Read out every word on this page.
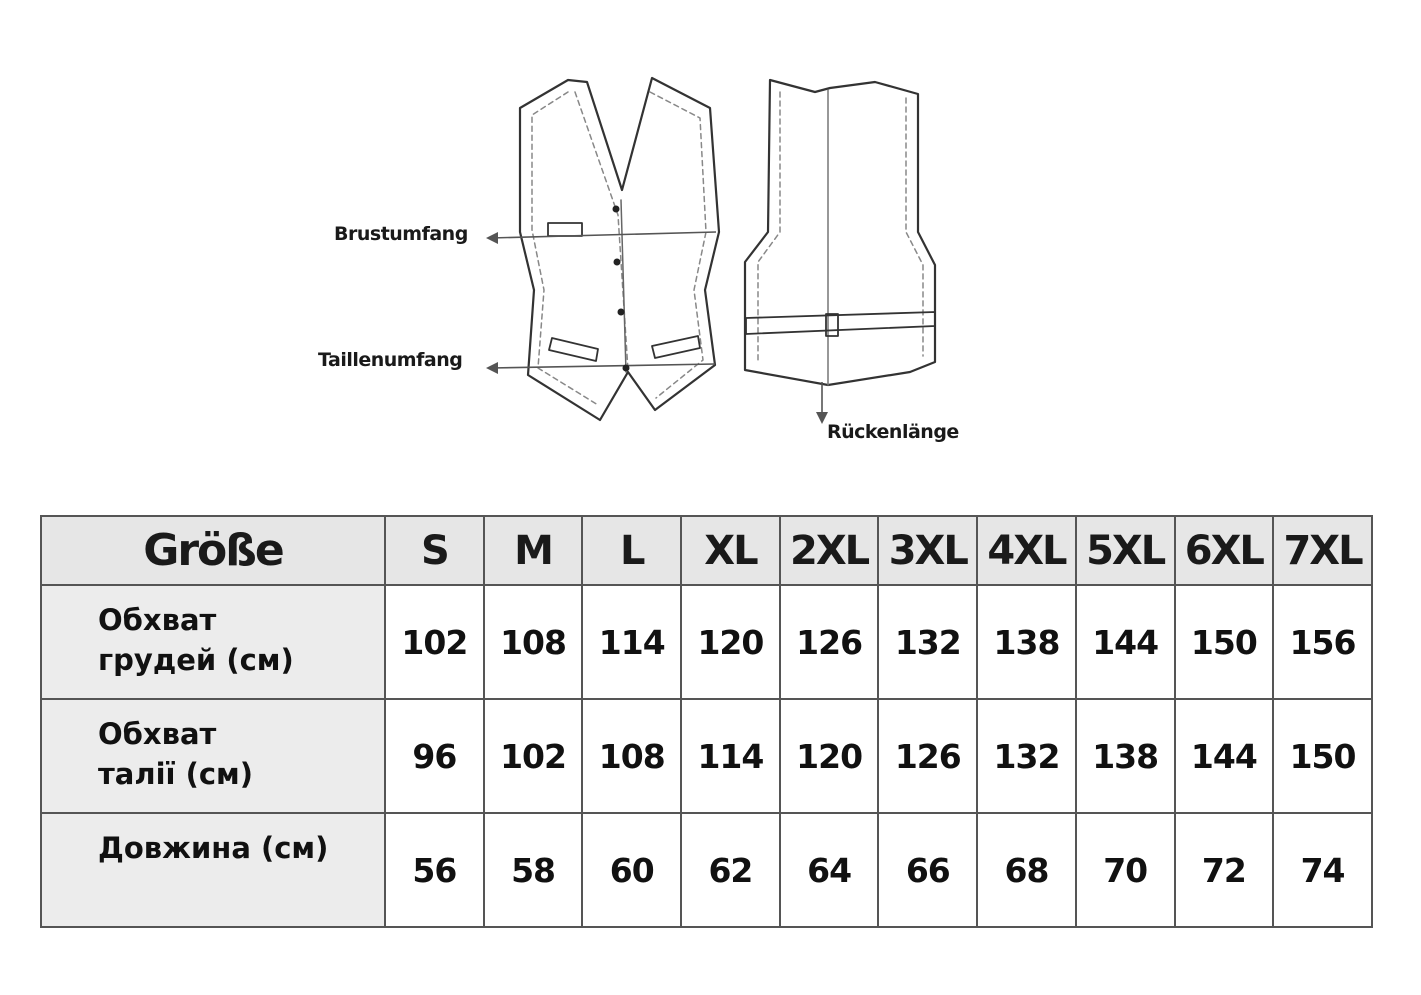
Brustumfang
Taillenumfang
Rückenlänge
Größe	S	M	L	XL	2XL	3XL	4XL	5XL	6XL	7XL

Обхват
грудей (см)	102	108	114	120	126	132	138	144	150	156

Обхват
талії (см)	96	102	108	114	120	126	132	138	144	150

Довжина (см)	56	58	60	62	64	66	68	70	72	74
